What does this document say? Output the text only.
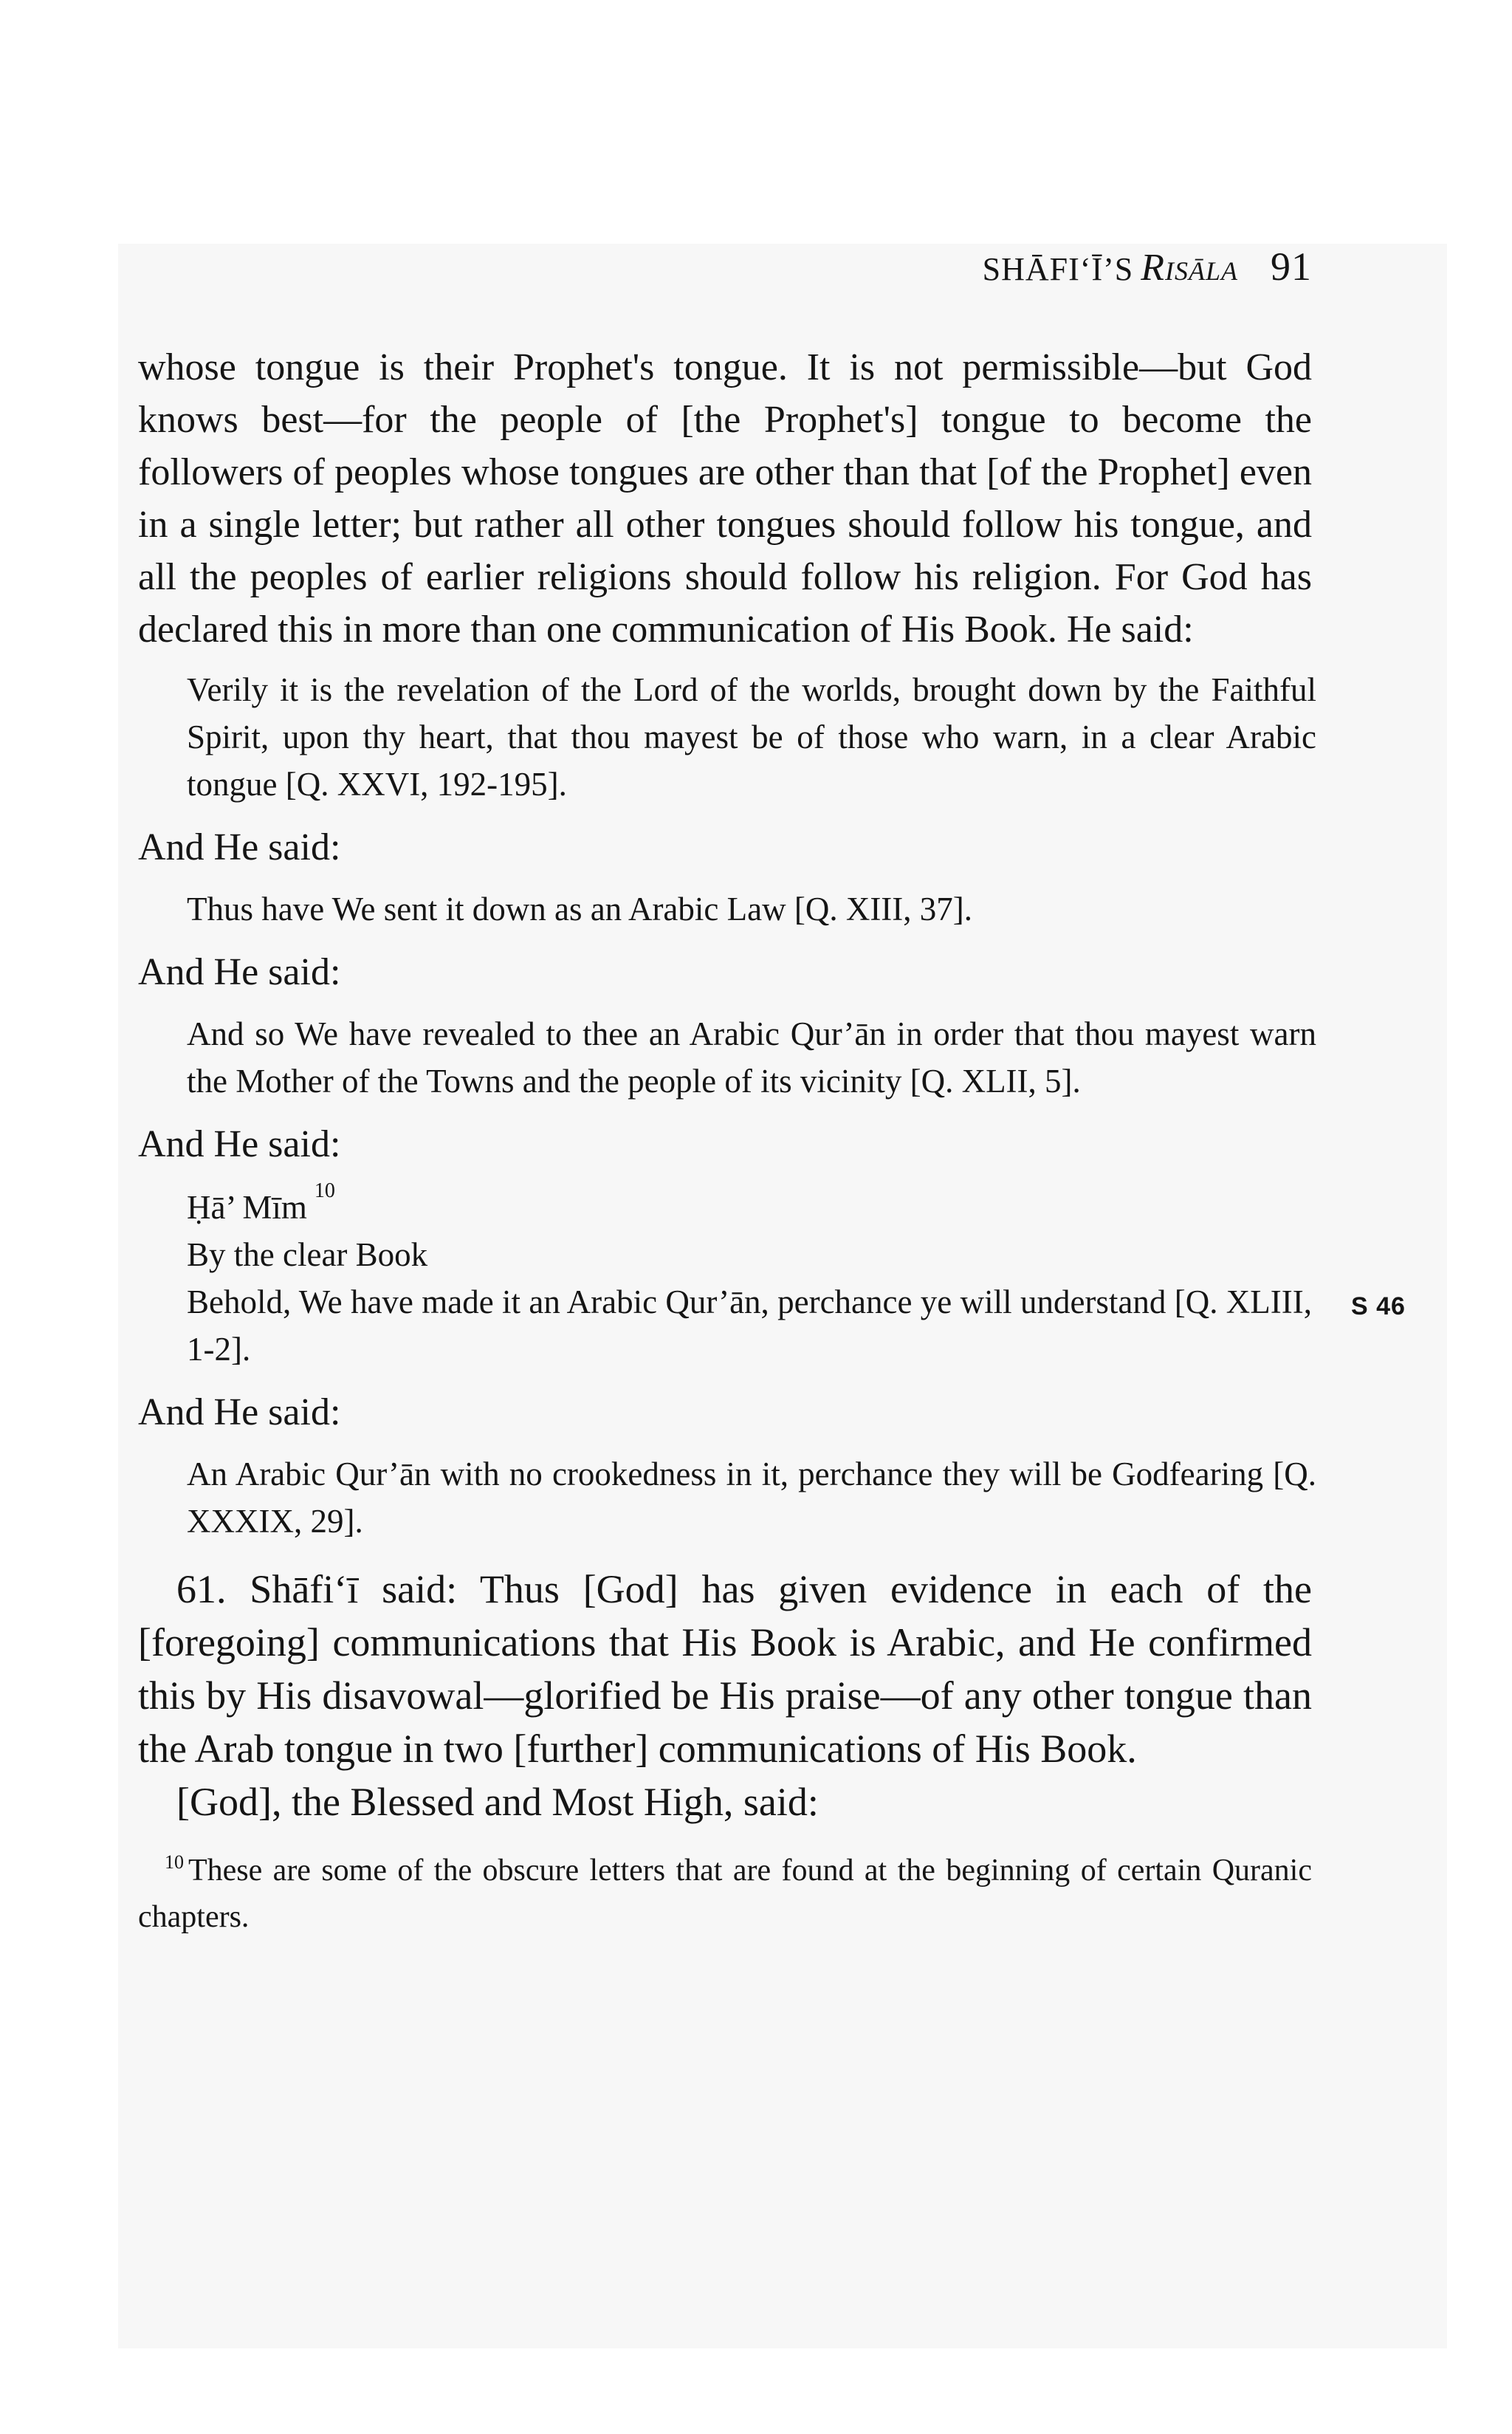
SHĀFI‘Ī’S Risāla 91

whose tongue is their Prophet's tongue. It is not permissible—but God knows best—for the people of [the Prophet's] tongue to become the followers of peoples whose tongues are other than that [of the Prophet] even in a single letter; but rather all other tongues should follow his tongue, and all the peoples of earlier religions should follow his religion. For God has declared this in more than one communication of His Book. He said:

Verily it is the revelation of the Lord of the worlds, brought down by the Faithful Spirit, upon thy heart, that thou mayest be of those who warn, in a clear Arabic tongue [Q. XXVI, 192-195].

And He said:

Thus have We sent it down as an Arabic Law [Q. XIII, 37].

And He said:

And so We have revealed to thee an Arabic Qur’ān in order that thou mayest warn the Mother of the Towns and the people of its vicinity [Q. XLII, 5].

And He said:

Ḥā’ Mīm 10
By the clear Book
Behold, We have made it an Arabic Qur’ān, perchance ye will understand [Q. XLIII, 1-2].

And He said:

An Arabic Qur’ān with no crookedness in it, perchance they will be Godfearing [Q. XXXIX, 29].

61. Shāfi‘ī said: Thus [God] has given evidence in each of the [foregoing] communications that His Book is Arabic, and He confirmed this by His disavowal—glorified be His praise—of any other tongue than the Arab tongue in two [further] communications of His Book.

[God], the Blessed and Most High, said:

$^{10}$ These are some of the obscure letters that are found at the beginning of certain Quranic chapters.

S 46
